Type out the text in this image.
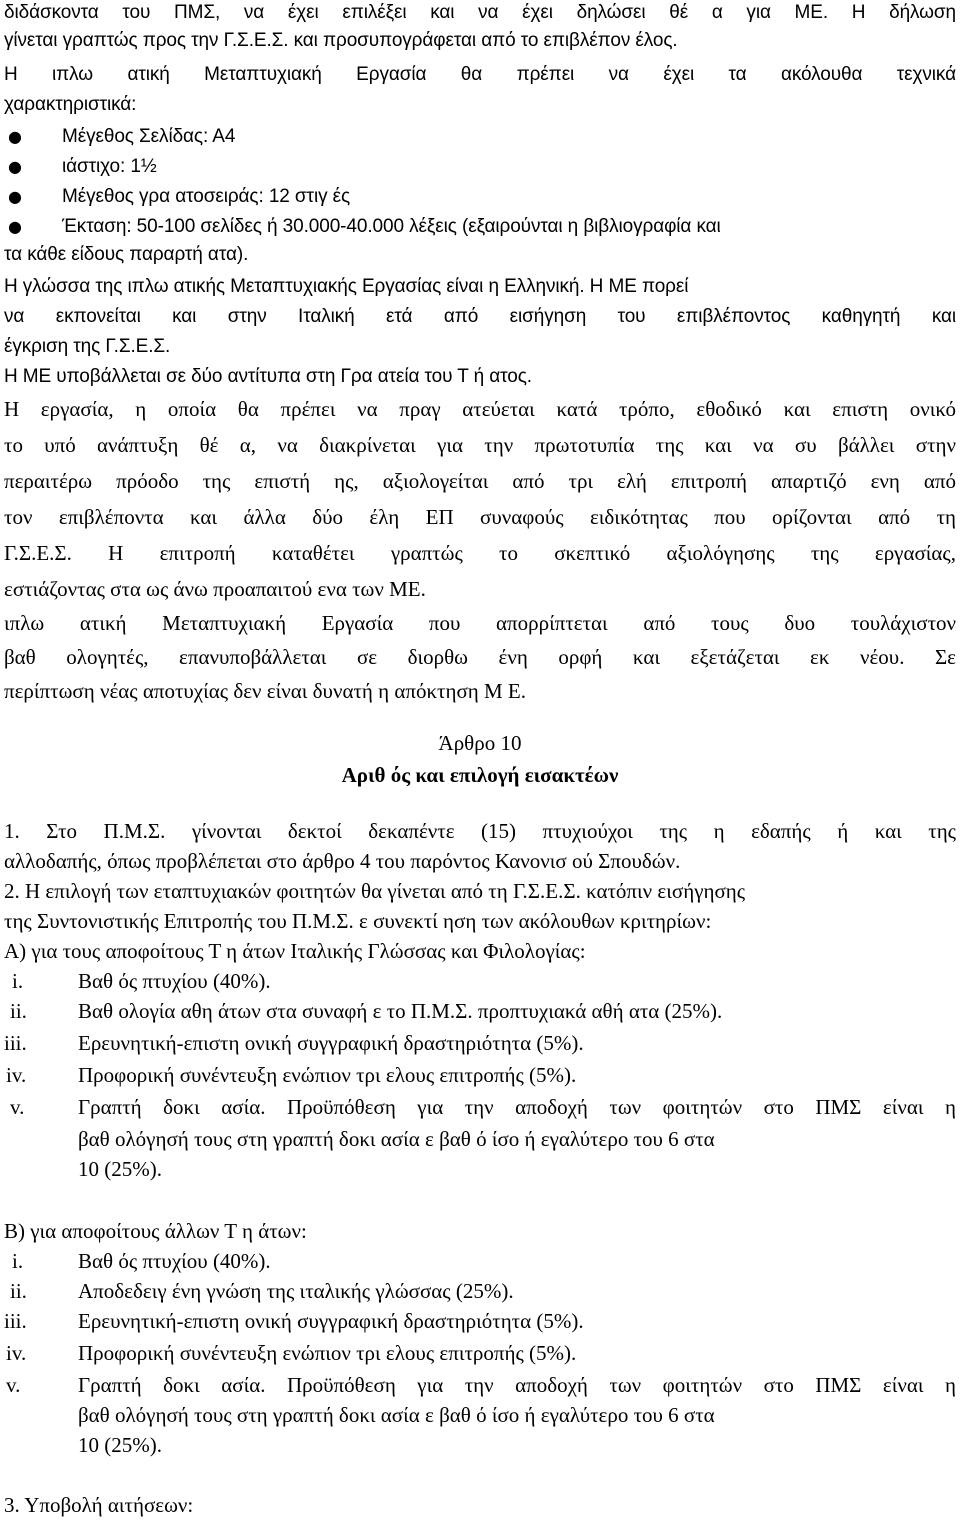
διδάσκοντα του ΠΜΣ, να έχει επιλέξει και να έχει δηλώσει θέ α για ΜΕ. Η δήλωση
γίνεται γραπτώς προς την Γ.Σ.Ε.Σ. και προσυπογράφεται από το επιβλέπον έλος.
Η ιπλω ατική Μεταπτυχιακή Εργασία θα πρέπει να έχει τα ακόλουθα τεχνικά
χαρακτηριστικά:
● Μέγεθος Σελίδας: Α4
● ιάστιχο: 1½
● Μέγεθος γρα ατοσειράς: 12 στιγ ές
● Έκταση: 50-100 σελίδες ή 30.000-40.000 λέξεις (εξαιρούνται η βιβλιογραφία και
τα κάθε είδους παραρτή ατα).
Η γλώσσα της ιπλω ατικής Μεταπτυχιακής Εργασίας είναι η Ελληνική. Η ΜΕ πορεί
να εκπονείται και στην Ιταλική ετά από εισήγηση του επιβλέποντος καθηγητή και
έγκριση της Γ.Σ.Ε.Σ.
Η ΜΕ υποβάλλεται σε δύο αντίτυπα στη Γρα ατεία του Τ ή ατος.
Η εργασία, η οποία θα πρέπει να πραγ ατεύεται κατά τρόπο, εθοδικό και επιστη ονικό
το υπό ανάπτυξη θέ α, να διακρίνεται για την πρωτοτυπία της και να συ βάλλει στην
περαιτέρω πρόοδο της επιστή ης, αξιολογείται από τρι ελή επιτροπή απαρτιζό ενη από
τον επιβλέποντα και άλλα δύο έλη ΕΠ συναφούς ειδικότητας που ορίζονται από τη
Γ.Σ.Ε.Σ. Η επιτροπή καταθέτει γραπτώς το σκεπτικό αξιολόγησης της εργασίας,
εστιάζοντας στα ως άνω προαπαιτού ενα των ΜΕ.
ιπλω ατική Μεταπτυχιακή Εργασία που απορρίπτεται από τους δυο τουλάχιστον
βαθ ολογητές, επανυποβάλλεται σε διορθω ένη ορφή και εξετάζεται εκ νέου. Σε
περίπτωση νέας αποτυχίας δεν είναι δυνατή η απόκτηση Μ Ε.
Άρθρο 10
Αριθ ός και επιλογή εισακτέων
1. Στο Π.Μ.Σ. γίνονται δεκτοί δεκαπέντε (15) πτυχιούχοι της η εδαπής ή και της
αλλοδαπής, όπως προβλέπεται στο άρθρο 4 του παρόντος Κανονισ ού Σπουδών.
2. Η επιλογή των εταπτυχιακών φοιτητών θα γίνεται από τη Γ.Σ.Ε.Σ. κατόπιν εισήγησης
της Συντονιστικής Επιτροπής του Π.Μ.Σ. ε συνεκτί ηση των ακόλουθων κριτηρίων:
Α) για τους αποφοίτους Τ η άτων Ιταλικής Γλώσσας και Φιλολογίας:
i.	Βαθ ός πτυχίου (40%).
ii. Βαθ ολογία αθη άτων στα συναφή ε το Π.Μ.Σ. προπτυχιακά αθή ατα (25%).
iii. Ερευνητική-επιστη ονική συγγραφική δραστηριότητα (5%).
iv. Προφορική συνέντευξη ενώπιον τρι ελους επιτροπής (5%).
v.	Γραπτή δοκι ασία. Προϋπόθεση για την αποδοχή των φοιτητών στο ΠΜΣ είναι η
βαθ ολόγησή τους στη γραπτή δοκι ασία ε βαθ ό ίσο ή εγαλύτερο του 6 στα
10 (25%).
Β) για αποφοίτους άλλων Τ η άτων:
i.	Βαθ ός πτυχίου (40%).
ii. Αποδεδειγ ένη γνώση της ιταλικής γλώσσας (25%).
iii. Ερευνητική-επιστη ονική συγγραφική δραστηριότητα (5%).
iv. Προφορική συνέντευξη ενώπιον τρι ελους επιτροπής (5%).
v.	Γραπτή δοκι ασία. Προϋπόθεση για την αποδοχή των φοιτητών στο ΠΜΣ είναι η
βαθ ολόγησή τους στη γραπτή δοκι ασία ε βαθ ό ίσο ή εγαλύτερο του 6 στα
10 (25%).
3. Υποβολή αιτήσεων:
